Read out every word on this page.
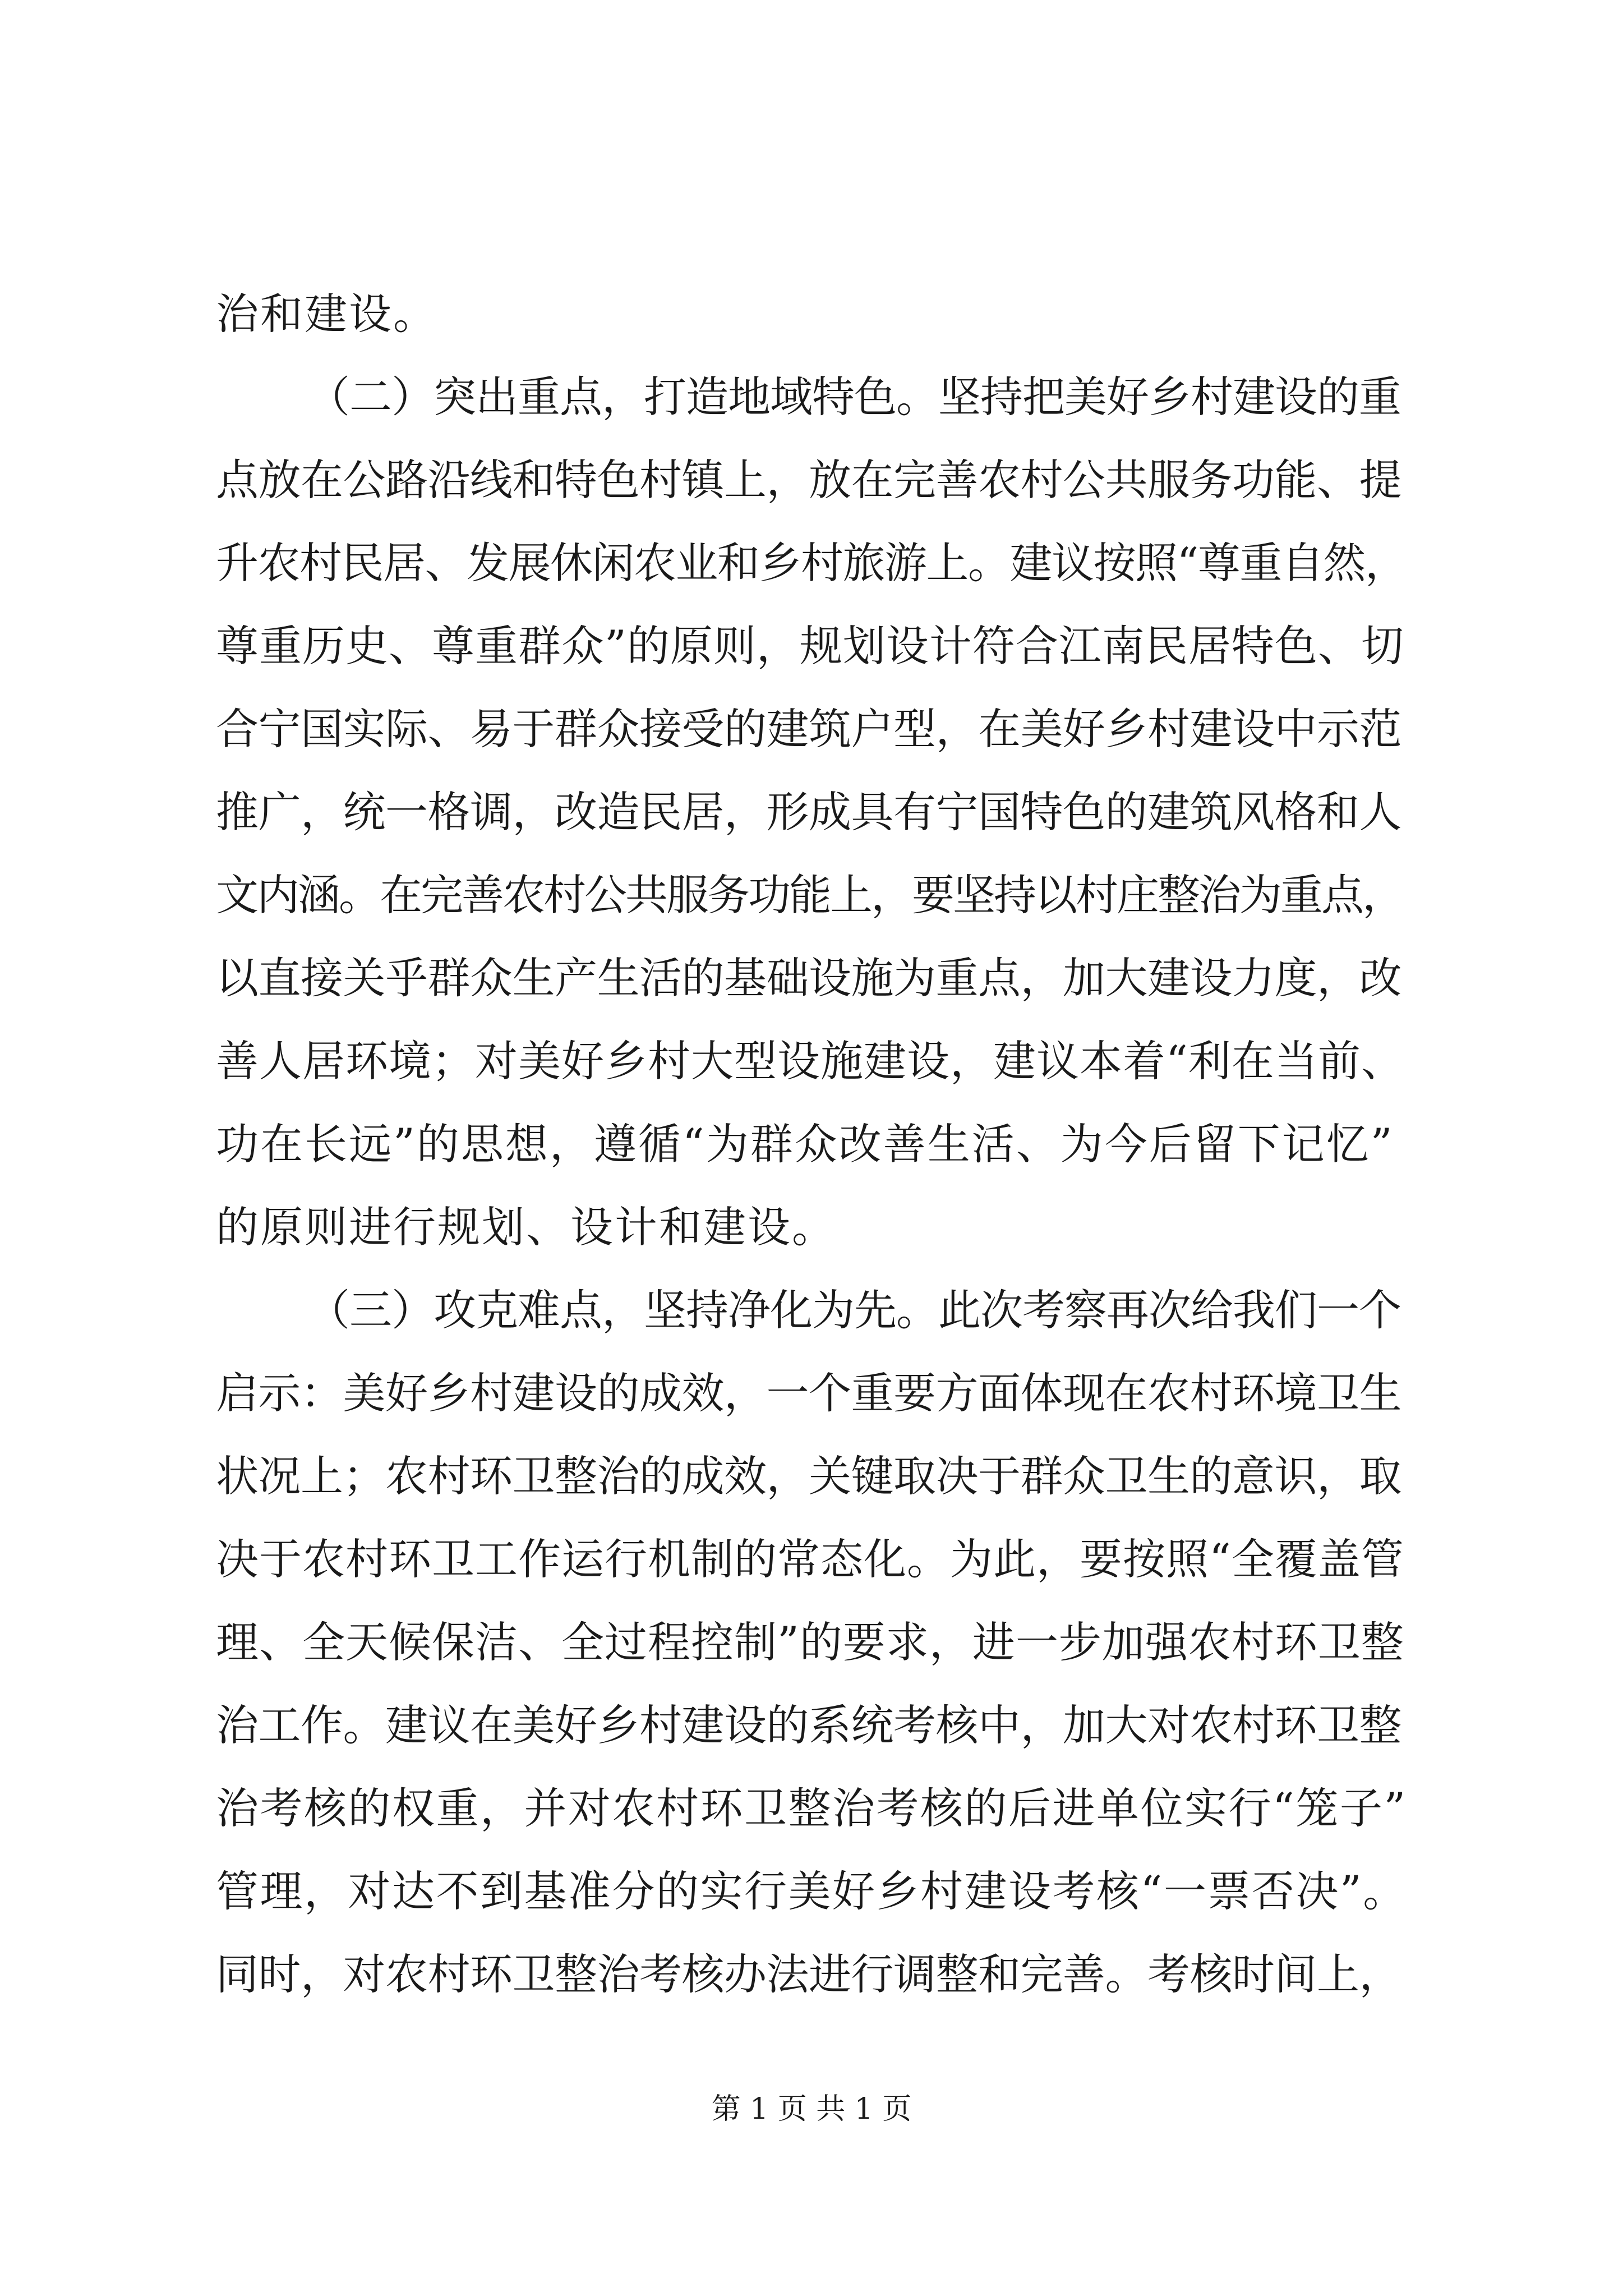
治和建设。
（二）突出重点，打造地域特色。坚持把美好乡村建设的重
点放在公路沿线和特色村镇上，放在完善农村公共服务功能、提
升农村民居、发展休闲农业和乡村旅游上。建议按照“尊重自然，
尊重历史、尊重群众”的原则，规划设计符合江南民居特色、切
合宁国实际、易于群众接受的建筑户型，在美好乡村建设中示范
推广，统一格调，改造民居，形成具有宁国特色的建筑风格和人
文内涵。在完善农村公共服务功能上，要坚持以村庄整治为重点，
以直接关乎群众生产生活的基础设施为重点，加大建设力度，改
善人居环境；对美好乡村大型设施建设，建议本着“利在当前、
功在长远”的思想，遵循“为群众改善生活、为今后留下记忆”
的原则进行规划、设计和建设。
（三）攻克难点，坚持净化为先。此次考察再次给我们一个
启示：美好乡村建设的成效，一个重要方面体现在农村环境卫生
状况上；农村环卫整治的成效，关键取决于群众卫生的意识，取
决于农村环卫工作运行机制的常态化。为此，要按照“全覆盖管
理、全天候保洁、全过程控制”的要求，进一步加强农村环卫整
治工作。建议在美好乡村建设的系统考核中，加大对农村环卫整
治考核的权重，并对农村环卫整治考核的后进单位实行“笼子”
管理，对达不到基准分的实行美好乡村建设考核“一票否决”。
同时，对农村环卫整治考核办法进行调整和完善。考核时间上，
第 1 页 共 1 页
